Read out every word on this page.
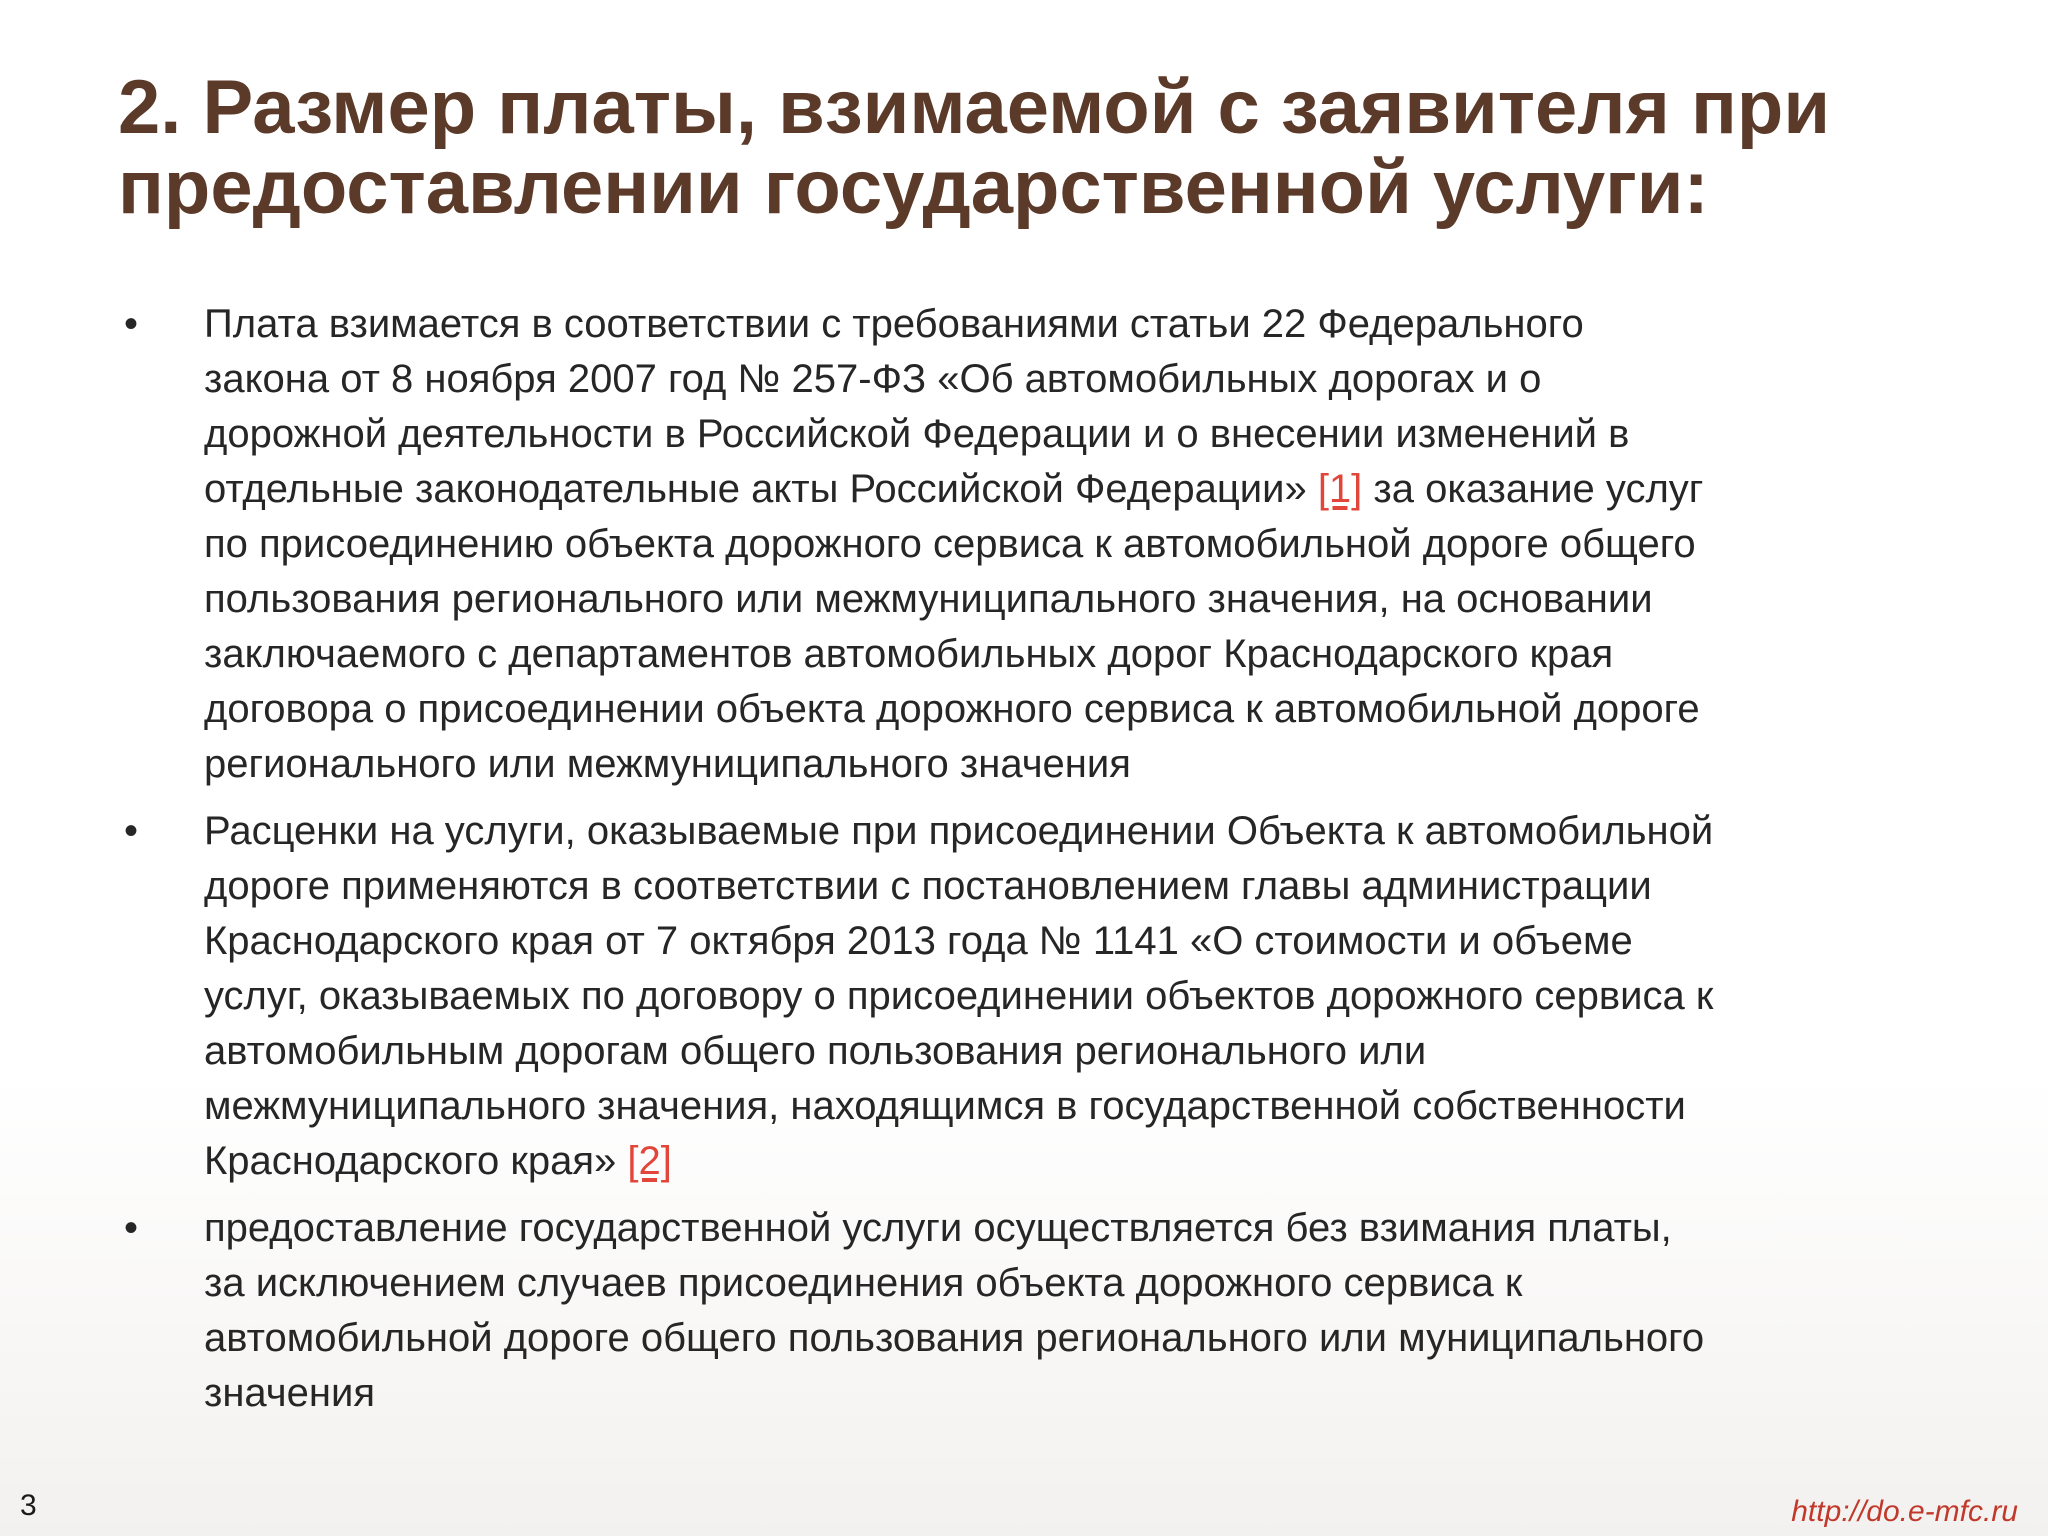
2. Размер платы, взимаемой с заявителя при
предоставлении государственной услуги:
•	Плата взимается в соответствии с требованиями статьи 22 Федерального
закона от 8 ноября 2007 год № 257-ФЗ «Об автомобильных дорогах и о
дорожной деятельности в Российской Федерации и о внесении изменений в
отдельные законодательные акты Российской Федерации» [1] за оказание услуг
по присоединению объекта дорожного сервиса к автомобильной дороге общего
пользования регионального или межмуниципального значения, на основании
заключаемого с департаментов автомобильных дорог Краснодарского края
договора о присоединении объекта дорожного сервиса к автомобильной дороге
регионального или межмуниципального значения
•	Расценки на услуги, оказываемые при присоединении Объекта к автомобильной
дороге применяются в соответствии с постановлением главы администрации
Краснодарского края от 7 октября 2013 года № 1141 «О стоимости и объеме
услуг, оказываемых по договору о присоединении объектов дорожного сервиса к
автомобильным дорогам общего пользования регионального или
межмуниципального значения, находящимся в государственной собственности
Краснодарского края» [2]
•	предоставление государственной услуги осуществляется без взимания платы,
за исключением случаев присоединения объекта дорожного сервиса к
автомобильной дороге общего пользования регионального или муниципального
значения
3	http://do.e-mfc.ru
